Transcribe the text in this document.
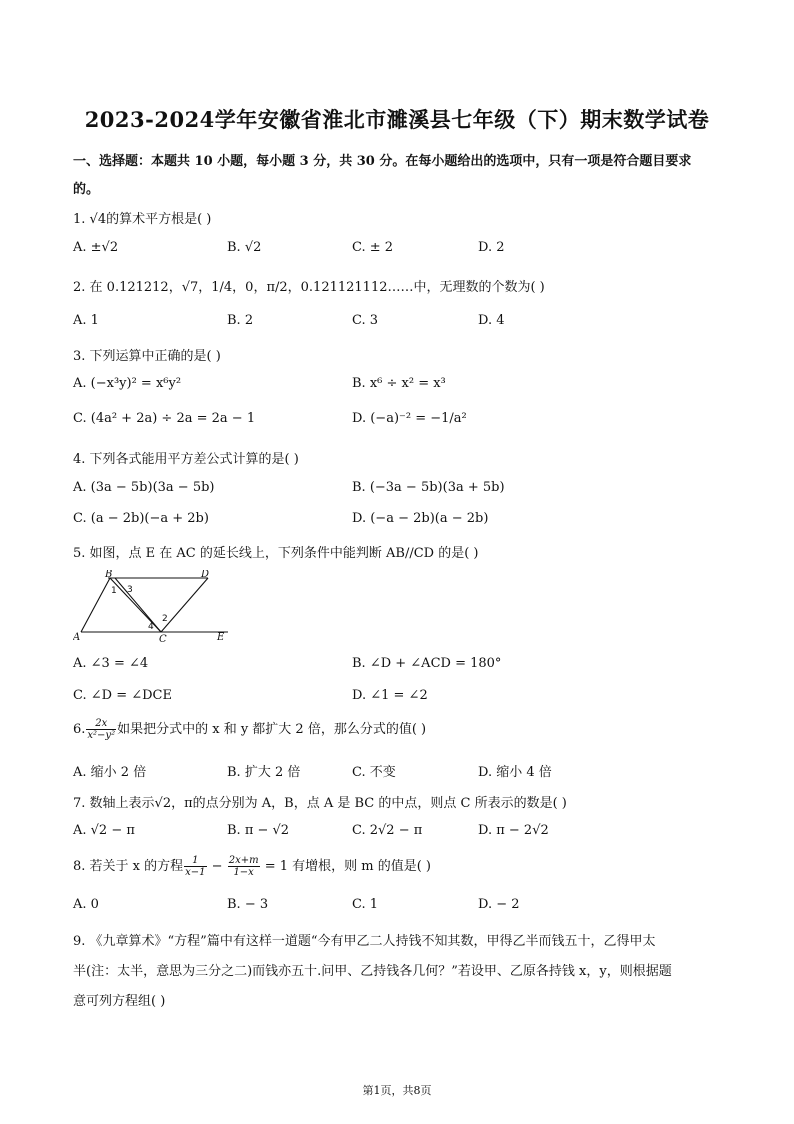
2023-2024学年安徽省淮北市濉溪县七年级（下）期末数学试卷
一、选择题：本题共 10 小题，每小题 3 分，共 30 分。在每小题给出的选项中，只有一项是符合题目要求
的。
1. √4的算术平方根是( )
A. ±√2	B. √2	C. ± 2	D. 2
2. 在 0.121212，√7，1/4，0，π/2，0.121121112……中，无理数的个数为( )
A. 1	B. 2	C. 3	D. 4
3. 下列运算中正确的是( )
A. (−x³y)² = x⁶y²	B. x⁶ ÷ x² = x³
C. (4a² + 2a) ÷ 2a = 2a − 1	D. (−a)⁻² = −1/a²
4. 下列各式能用平方差公式计算的是( )
A. (3a − 5b)(3a − 5b)	B. (−3a − 5b)(3a + 5b)
C. (a − 2b)(−a + 2b)	D. (−a − 2b)(a − 2b)
5. 如图，点 E 在 AC 的延长线上，下列条件中能判断 AB//CD 的是( )
A
B	D
C	E
1 3
2
4
A. ∠3 = ∠4	B. ∠D + ∠ACD = 180°
C. ∠D = ∠DCE	D. ∠1 = ∠2
6. $\frac{2x}{\text{x²−y²}}$ 如果把分式中的 x 和 y 都扩大 2 倍，那么分式的值( )
A. 缩小 2 倍	B. 扩大 2 倍	C. 不变	D. 缩小 4 倍
7. 数轴上表示√2，π的点分别为 A，B，点 A 是 BC 的中点，则点 C 所表示的数是( )
A. √2 − π	B. π − √2	C. 2√2 − π	D. π − 2√2
8. 若关于 x 的方程 $\frac{1}{x-1} - \frac{2x+m}{1-x} = 1$ 有增根，则 m 的值是( )
A. 0	B. − 3	C. 1	D. − 2
9. 《九章算术》“方程”篇中有这样一道题“今有甲乙二人持钱不知其数，甲得乙半而钱五十，乙得甲太
半(注：太半，意思为三分之二)而钱亦五十.问甲、乙持钱各几何？”若设甲、乙原各持钱 x，y，则根据题
意可列方程组( )
第1页，共8页
